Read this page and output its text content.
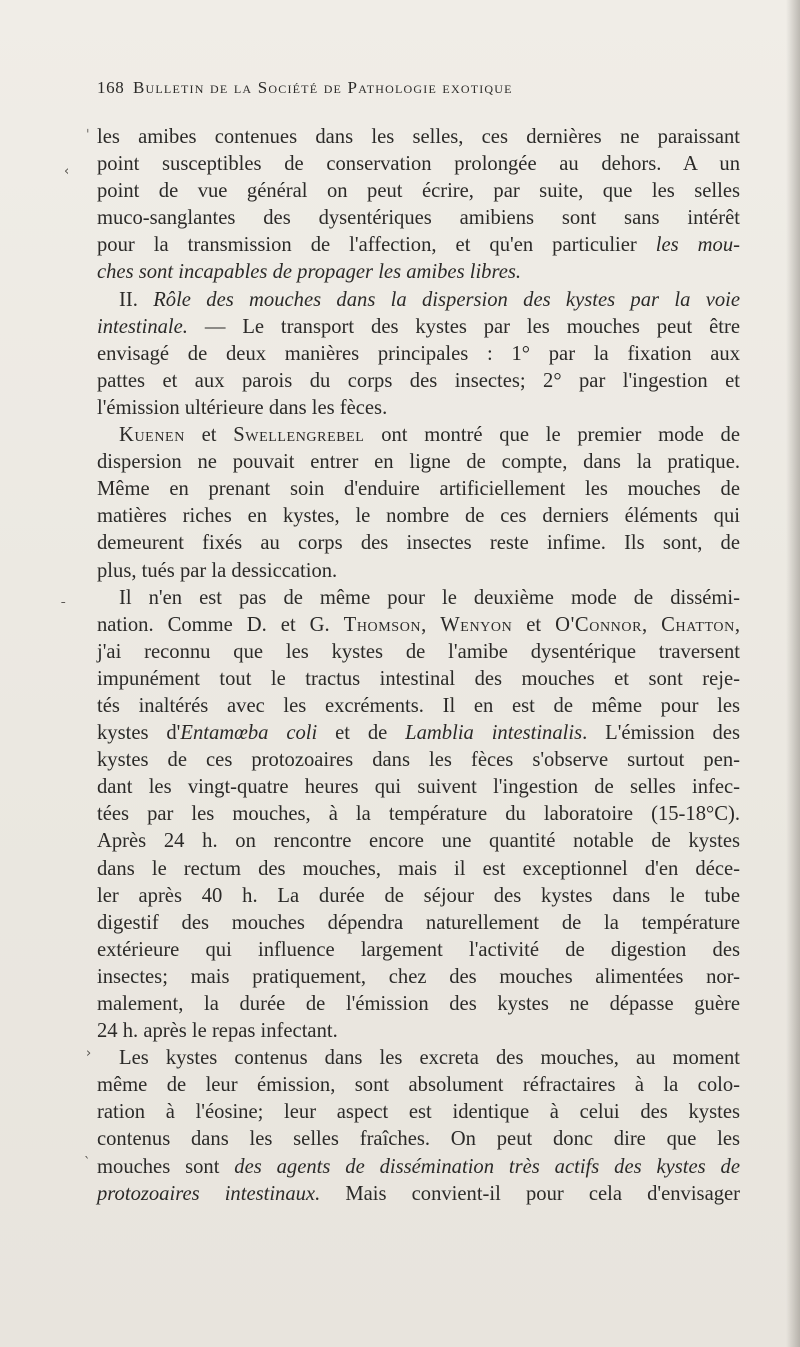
168 Bulletin de la Société de Pathologie exotique
ˈ
‹
ˍ
›
ˋ
les amibes contenues dans les selles, ces dernières ne paraissant
point susceptibles de conservation prolongée au dehors. A un
point de vue général on peut écrire, par suite, que les selles
muco-sanglantes des dysentériques amibiens sont sans intérêt
pour la transmission de l'affection, et qu'en particulier les mou-
ches sont incapables de propager les amibes libres.
II. Rôle des mouches dans la dispersion des kystes par la voie
intestinale. — Le transport des kystes par les mouches peut être
envisagé de deux manières principales : 1° par la fixation aux
pattes et aux parois du corps des insectes; 2° par l'ingestion et
l'émission ultérieure dans les fèces.
Kuenen et Swellengrebel ont montré que le premier mode de
dispersion ne pouvait entrer en ligne de compte, dans la pratique.
Même en prenant soin d'enduire artificiellement les mouches de
matières riches en kystes, le nombre de ces derniers éléments qui
demeurent fixés au corps des insectes reste infime. Ils sont, de
plus, tués par la dessiccation.
Il n'en est pas de même pour le deuxième mode de dissémi-
nation. Comme D. et G. Thomson, Wenyon et O'Connor, Chatton,
j'ai reconnu que les kystes de l'amibe dysentérique traversent
impunément tout le tractus intestinal des mouches et sont reje-
tés inaltérés avec les excréments. Il en est de même pour les
kystes d'Entamœba coli et de Lamblia intestinalis. L'émission des
kystes de ces protozoaires dans les fèces s'observe surtout pen-
dant les vingt-quatre heures qui suivent l'ingestion de selles infec-
tées par les mouches, à la température du laboratoire (15-18°C).
Après 24 h. on rencontre encore une quantité notable de kystes
dans le rectum des mouches, mais il est exceptionnel d'en déce-
ler après 40 h. La durée de séjour des kystes dans le tube
digestif des mouches dépendra naturellement de la température
extérieure qui influence largement l'activité de digestion des
insectes; mais pratiquement, chez des mouches alimentées nor-
malement, la durée de l'émission des kystes ne dépasse guère
24 h. après le repas infectant.
Les kystes contenus dans les excreta des mouches, au moment
même de leur émission, sont absolument réfractaires à la colo-
ration à l'éosine; leur aspect est identique à celui des kystes
contenus dans les selles fraîches. On peut donc dire que les
mouches sont des agents de dissémination très actifs des kystes de
protozoaires intestinaux. Mais convient-il pour cela d'envisager
